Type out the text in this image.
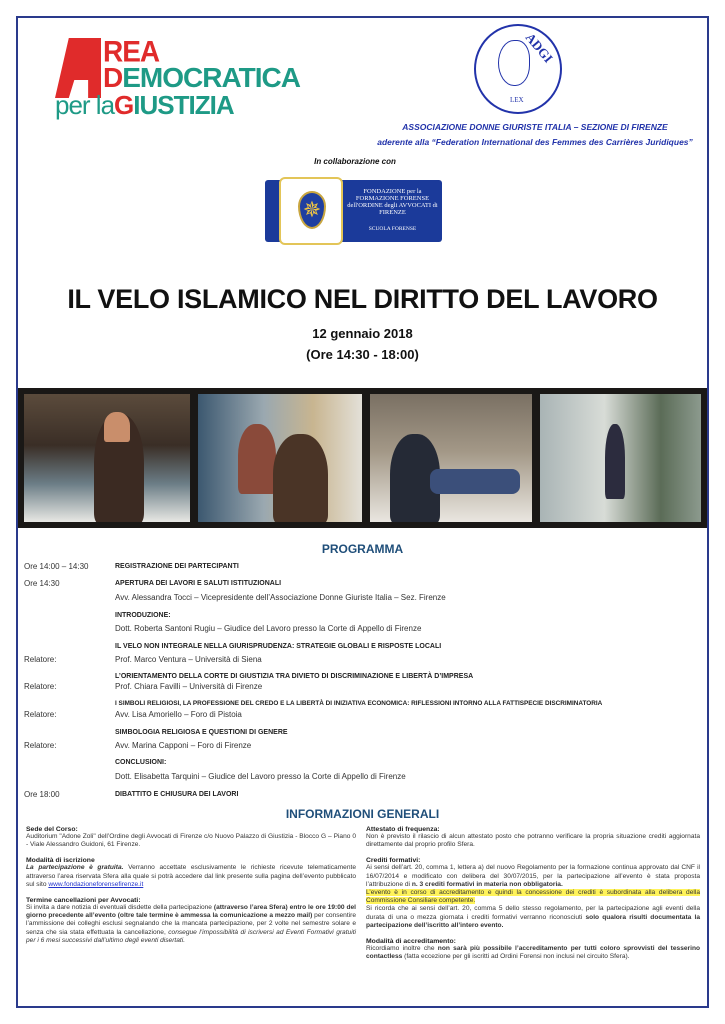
REA
DEMOCRATICA
per laGIUSTIZIA
ADGI
LEX
ASSOCIAZIONE DONNE GIURISTE ITALIA – SEZIONE DI FIRENZE
aderente alla “Federation International des Femmes des Carrières Juridiques”
In collaborazione con
✵
FONDAZIONE per la FORMAZIONE FORENSE dell'ORDINE degli AVVOCATI di FIRENZE
SCUOLA FORENSE
IL VELO ISLAMICO NEL DIRITTO DEL LAVORO
12 gennaio 2018
(Ore 14:30 - 18:00)
PROGRAMMA
Ore 14:00 – 14:30	REGISTRAZIONE DEI PARTECIPANTI
Ore 14:30	APERTURA DEI LAVORI E SALUTI ISTITUZIONALI
Avv. Alessandra Tocci – Vicepresidente dell’Associazione Donne Giuriste Italia – Sez. Firenze
INTRODUZIONE:
Dott. Roberta Santoni Rugiu – Giudice del Lavoro presso la Corte di Appello di Firenze
IL VELO NON INTEGRALE NELLA GIURISPRUDENZA: STRATEGIE GLOBALI E RISPOSTE LOCALI
Relatore:	Prof. Marco Ventura – Università di Siena
L’ORIENTAMENTO DELLA CORTE DI GIUSTIZIA TRA DIVIETO DI DISCRIMINAZIONE E LIBERTÀ D’IMPRESA
Relatore:	Prof. Chiara Favilli – Università di Firenze
I SIMBOLI RELIGIOSI, LA PROFESSIONE DEL CREDO E LA LIBERTÀ DI INIZIATIVA ECONOMICA: RIFLESSIONI INTORNO ALLA FATTISPECIE DISCRIMINATORIA
Relatore:	Avv. Lisa Amoriello – Foro di Pistoia
SIMBOLOGIA RELIGIOSA E QUESTIONI DI GENERE
Relatore:	Avv. Marina Capponi – Foro di Firenze
CONCLUSIONI:
Dott. Elisabetta Tarquini – Giudice del Lavoro presso la Corte di Appello di Firenze
Ore 18:00	DIBATTITO E CHIUSURA DEI LAVORI
INFORMAZIONI GENERALI
Sede del Corso:

Auditorium "Adone Zoli" dell’Ordine degli Avvocati di Firenze c/o Nuovo Palazzo di Giustizia - Blocco G – Piano 0 - Viale Alessandro Guidoni, 61 Firenze.

Modalità di iscrizione

La partecipazione è gratuita. Verranno accettate esclusivamente le richieste ricevute telematicamente attraverso l’area riservata Sfera alla quale si potrà accedere dal link presente sulla pagina dell’evento pubblicato sul sito www.fondazioneforensefirenze.it

Termine cancellazioni per Avvocati:

Si invita a dare notizia di eventuali disdette della partecipazione (attraverso l’area Sfera) entro le ore 19:00 del giorno precedente all’evento (oltre tale termine è ammessa la comunicazione a mezzo mail) per consentire l’ammissione dei colleghi esclusi segnalando che la mancata partecipazione, per 2 volte nel semestre solare e senza che sia stata effettuata la cancellazione, consegue l’impossibilità di iscriversi ad Eventi Formativi gratuiti per i 6 mesi successivi dall’ultimo degli eventi disertati.

Attestato di frequenza:

Non è previsto il rilascio di alcun attestato posto che potranno verificare la propria situazione crediti aggiornata direttamente dal proprio profilo Sfera.

Crediti formativi:

Ai sensi dell’art. 20, comma 1, lettera a) del nuovo Regolamento per la formazione continua approvato dal CNF il 16/07/2014 e modificato con delibera del 30/07/2015, per la partecipazione all’evento è stata proposta l’attribuzione di n. 3 crediti formativi in materia non obbligatoria.
L’evento è in corso di accreditamento e quindi la concessione dei crediti è subordinata alla delibera della Commissione Consiliare competente.
Si ricorda che ai sensi dell’art. 20, comma 5 dello stesso regolamento, per la partecipazione agli eventi della durata di una o mezza giornata i crediti formativi verranno riconosciuti solo qualora risulti documentata la partecipazione dell’iscritto all’intero evento.

Modalità di accreditamento:

Ricordiamo inoltre che non sarà più possibile l’accreditamento per tutti coloro sprovvisti del tesserino contactless (fatta eccezione per gli iscritti ad Ordini Forensi non inclusi nel circuito Sfera).
